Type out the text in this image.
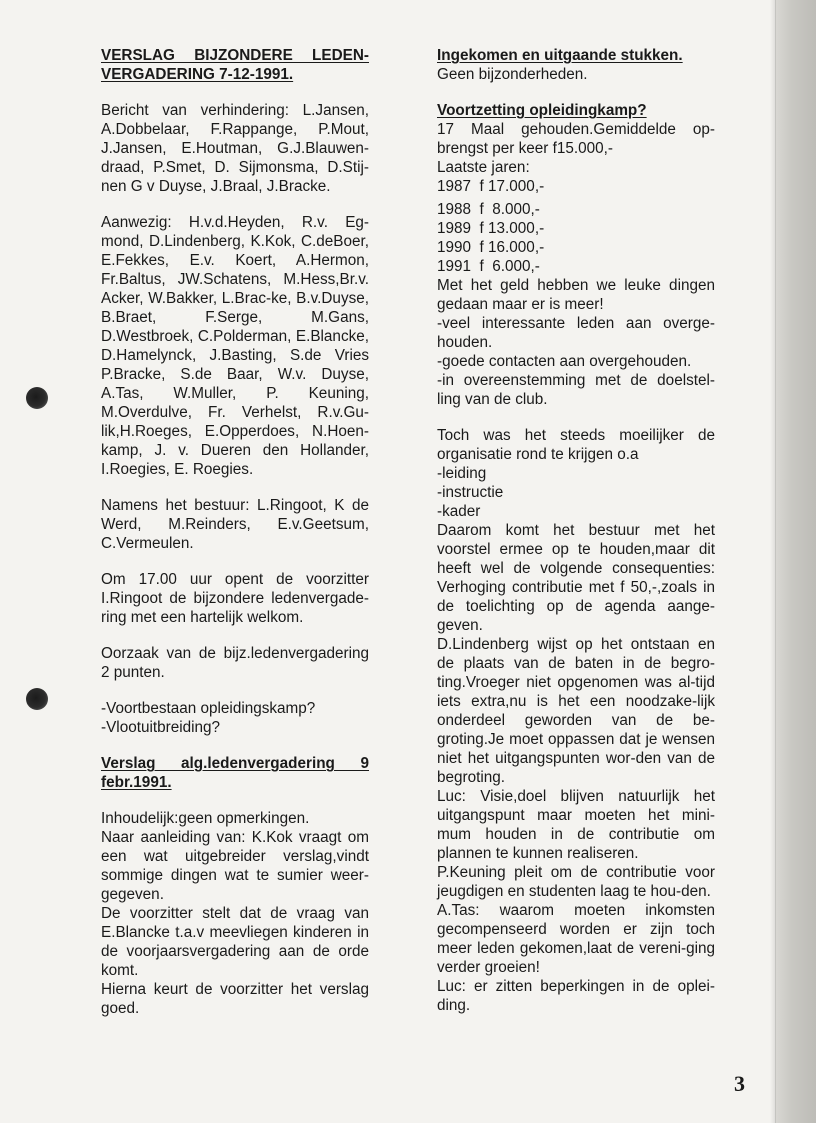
VERSLAG BIJZONDERE LEDEN-VERGADERING 7-12-1991.

Bericht van verhindering: L.Jansen, A.Dobbelaar, F.Rappange, P.Mout, J.Jansen, E.Houtman, G.J.Blauwen-draad, P.Smet, D. Sijmonsma, D.Stij-nen G v Duyse, J.Braal, J.Bracke.

Aanwezig: H.v.d.Heyden, R.v. Eg-mond, D.Lindenberg, K.Kok, C.deBoer, E.Fekkes, E.v. Koert, A.Hermon, Fr.Baltus, JW.Schatens, M.Hess,Br.v. Acker, W.Bakker, L.Brac-ke, B.v.Duyse, B.Braet, F.Serge, M.Gans, D.Westbroek, C.Polderman, E.Blancke, D.Hamelynck, J.Basting, S.de Vries P.Bracke, S.de Baar, W.v. Duyse, A.Tas, W.Muller, P. Keuning, M.Overdulve, Fr. Verhelst, R.v.Gu-lik,H.Roeges, E.Opperdoes, N.Hoen-kamp, J. v. Dueren den Hollander, I.Roegies, E. Roegies.

Namens het bestuur: L.Ringoot, K de Werd, M.Reinders, E.v.Geetsum, C.Vermeulen.

Om 17.00 uur opent de voorzitter I.Ringoot de bijzondere ledenvergade-ring met een hartelijk welkom.

Oorzaak van de bijz.ledenvergadering 2 punten.

-Voortbestaan opleidingskamp?

-Vlootuitbreiding?

Verslag alg.ledenvergadering 9

febr.1991.

Inhoudelijk:geen opmerkingen.

Naar aanleiding van: K.Kok vraagt om een wat uitgebreider verslag,vindt sommige dingen wat te sumier weer-gegeven.

De voorzitter stelt dat de vraag van E.Blancke t.a.v meevliegen kinderen in de voorjaarsvergadering aan de orde komt.

Hierna keurt de voorzitter het verslag goed.

Ingekomen en uitgaande stukken.

Geen bijzonderheden.

Voortzetting opleidingkamp?

17 Maal gehouden.Gemiddelde op-brengst per keer f15.000,-

Laatste jaren:

1987  f 17.000,-

1988  f  8.000,-

1989  f 13.000,-

1990  f 16.000,-

1991  f  6.000,-

Met het geld hebben we leuke dingen gedaan maar er is meer!

-veel interessante leden aan overge-houden.

-goede contacten aan overgehouden.

-in overeenstemming met de doelstel-ling van de club.

Toch was het steeds moeilijker de organisatie rond te krijgen o.a

-leiding

-instructie

-kader

Daarom komt het bestuur met het voorstel ermee op te houden,maar dit heeft wel de volgende consequenties: Verhoging contributie met f 50,-,zoals in de toelichting op de agenda aange-geven.

D.Lindenberg wijst op het ontstaan en de plaats van de baten in de begro-ting.Vroeger niet opgenomen was al-tijd iets extra,nu is het een noodzake-lijk onderdeel geworden van de be-groting.Je moet oppassen dat je wensen niet het uitgangspunten wor-den van de begroting.

Luc: Visie,doel blijven natuurlijk het uitgangspunt maar moeten het mini-mum houden in de contributie om plannen te kunnen realiseren.

P.Keuning pleit om de contributie voor jeugdigen en studenten laag te hou-den.

A.Tas: waarom moeten inkomsten gecompenseerd worden er zijn toch meer leden gekomen,laat de vereni-ging verder groeien!

Luc: er zitten beperkingen in de oplei-ding.

3
